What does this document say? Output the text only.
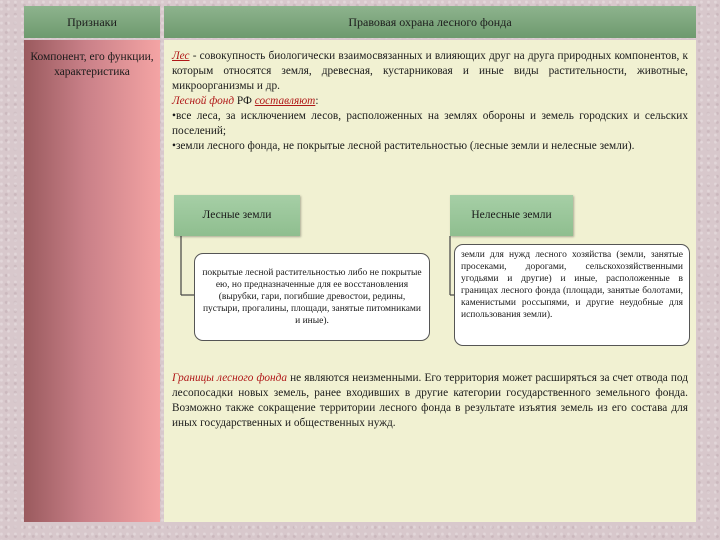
Признаки	Правовая охрана лесного фонда
Компонент, его функции, характеристика

Лес - совокупность биологически взаимосвязанных и влияющих друг на друга природных компонентов, к которым относятся земля, древесная, кустарниковая и иные виды растительности, животные, микроорганизмы и др.

Лесной фонд РФ составляют:

•все леса, за исключением лесов, расположенных на землях обороны и земель городских и сельских поселений;

•земли лесного фонда, не покрытые лесной растительностью (лесные земли и нелесные земли).

Лесные земли	Нелесные земли
покрытые лесной растительностью либо не покрытые ею, но предназначенные для ее восстановления (вырубки, гари, погибшие древостои, редины, пустыри, прогалины, площади, занятые питомниками и иные).
земли для нужд лесного хозяйства (земли, занятые просеками, дорогами, сельскохозяйственными угодьями и другие) и иные, расположенные в границах лесного фонда (площади, занятые болотами, каменистыми россыпями, и другие неудобные для использования земли).

Границы лесного фонда не являются неизменными. Его территория может расширяться за счет отвода под лесопосадки новых земель, ранее входивших в другие категории государственного земельного фонда. Возможно также сокращение территории лесного фонда в результате изъятия земель из его состава для иных государственных и общественных нужд.
